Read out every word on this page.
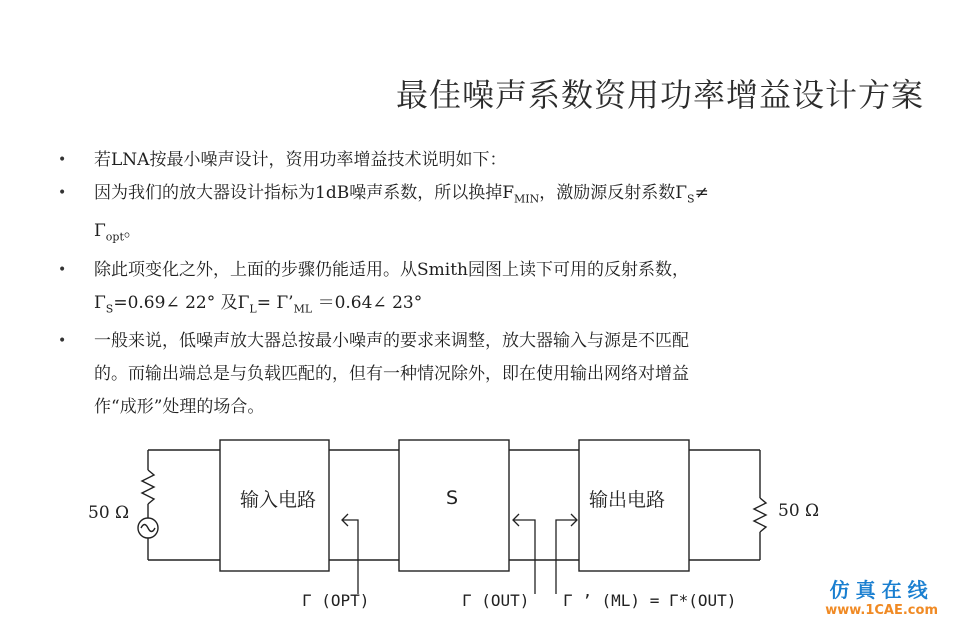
最佳噪声系数资用功率增益设计方案
• 若LNA按最小噪声设计，资用功率增益技术说明如下：
• 因为我们的放大器设计指标为1dB噪声系数，所以换掉$F_{MIN}$，激励源反射系数$\Gamma_S\ne$
$\Gamma_{opt}$。
• 除此项变化之外，上面的步骤仍能适用。从Smith园图上读下可用的反射系数，
$\Gamma_S=0.69\angle$ 22° 及$\Gamma_L=$ $\Gamma’_{ML}$ ＝0.64∠ 23°
• 一般来说，低噪声放大器总按最小噪声的要求来调整，放大器输入与源是不匹配
的。而输出端总是与负载匹配的，但有一种情况除外，即在使用输出网络对增益
作“成形”处理的场合。
输入电路	S	输出电路
50 Ω	50 Ω
Γ (OPT)	Γ (OUT) Γ ’ (ML) = Γ*(OUT)	仿真在线
www.1CAE.com
